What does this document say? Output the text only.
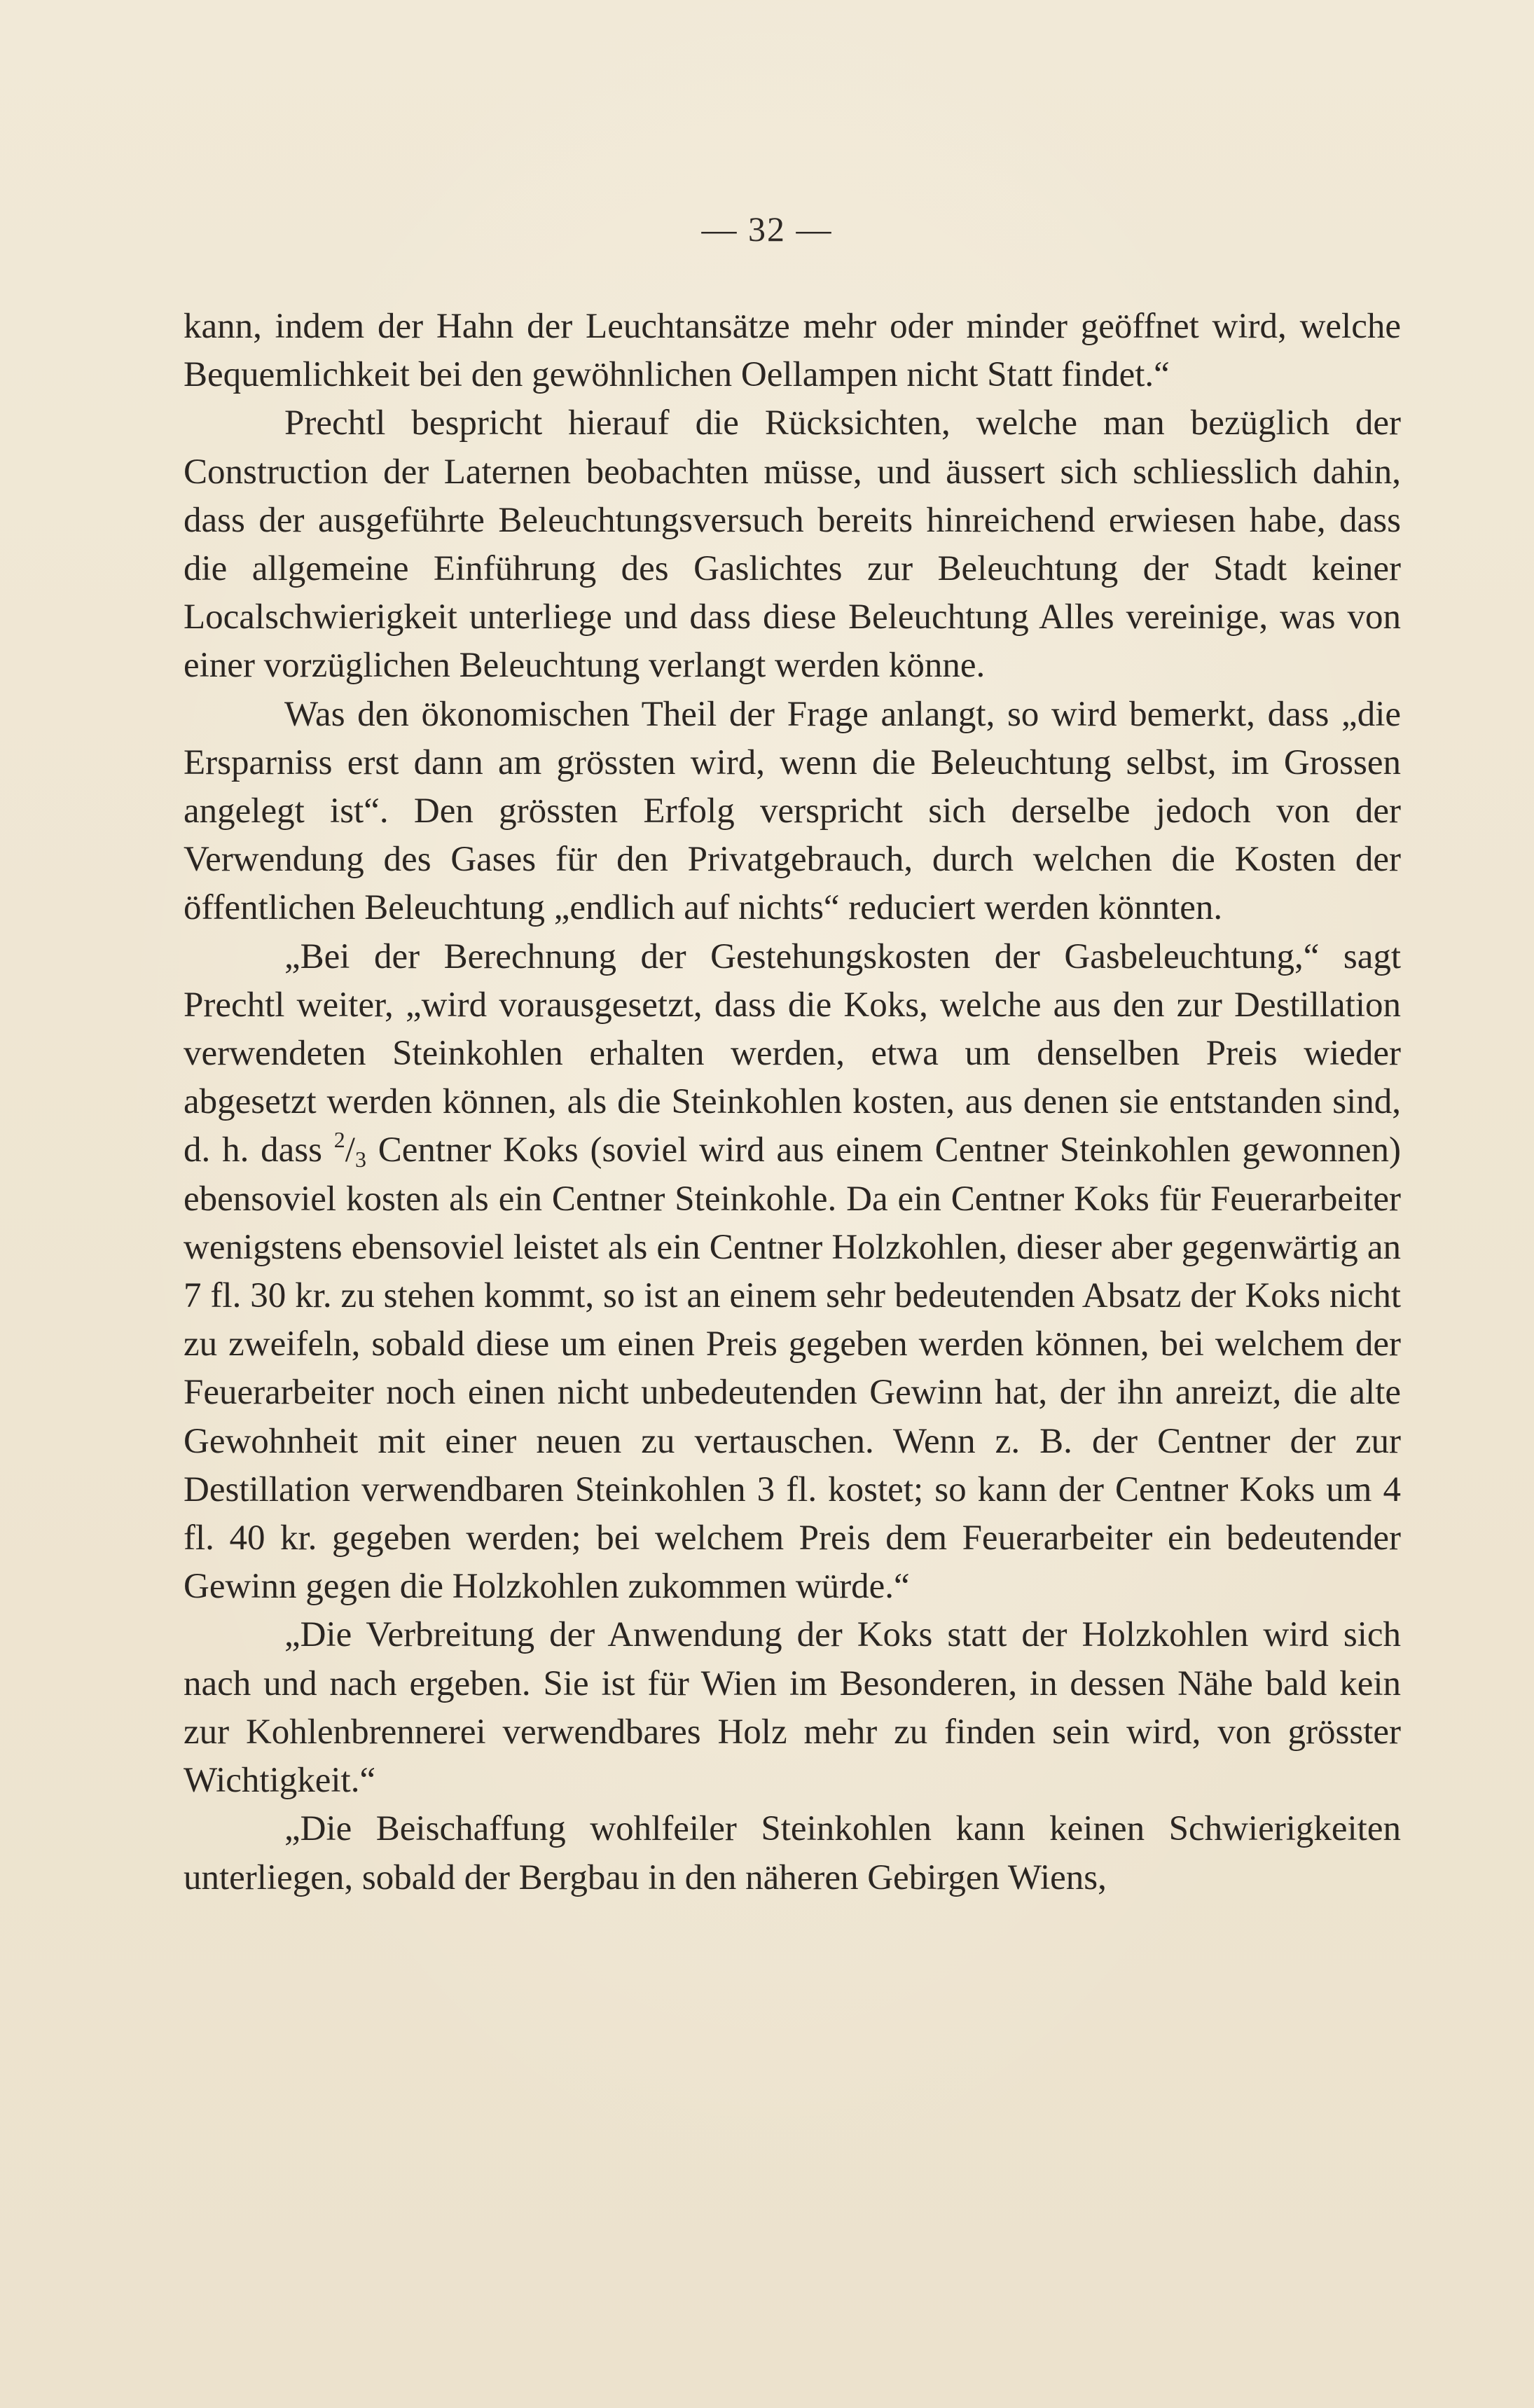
— 32 —

kann, indem der Hahn der Leuchtansätze mehr oder minder geöffnet wird, welche Bequemlichkeit bei den gewöhnlichen Oellampen nicht Statt findet.“

Prechtl bespricht hierauf die Rücksichten, welche man bezüglich der Construction der Laternen beobachten müsse, und äussert sich schliesslich dahin, dass der ausgeführte Beleuchtungsversuch bereits hinreichend erwiesen habe, dass die allgemeine Einführung des Gaslichtes zur Beleuchtung der Stadt keiner Localschwierigkeit unterliege und dass diese Beleuchtung Alles vereinige, was von einer vorzüglichen Beleuchtung verlangt werden könne.

Was den ökonomischen Theil der Frage anlangt, so wird bemerkt, dass „die Ersparniss erst dann am grössten wird, wenn die Beleuchtung selbst, im Grossen angelegt ist“. Den grössten Erfolg verspricht sich derselbe jedoch von der Verwendung des Gases für den Privatgebrauch, durch welchen die Kosten der öffentlichen Beleuchtung „endlich auf nichts“ reduciert werden könnten.

„Bei der Berechnung der Gestehungskosten der Gasbeleuchtung,“ sagt Prechtl weiter, „wird vorausgesetzt, dass die Koks, welche aus den zur Destillation verwendeten Steinkohlen erhalten werden, etwa um denselben Preis wieder abgesetzt werden können, als die Steinkohlen kosten, aus denen sie entstanden sind, d. h. dass $^2/_3$ Centner Koks (soviel wird aus einem Centner Steinkohlen gewonnen) ebensoviel kosten als ein Centner Steinkohle. Da ein Centner Koks für Feuerarbeiter wenigstens ebensoviel leistet als ein Centner Holzkohlen, dieser aber gegenwärtig an 7 fl. 30 kr. zu stehen kommt, so ist an einem sehr bedeutenden Absatz der Koks nicht zu zweifeln, sobald diese um einen Preis gegeben werden können, bei welchem der Feuerarbeiter noch einen nicht unbedeutenden Gewinn hat, der ihn anreizt, die alte Gewohnheit mit einer neuen zu vertauschen. Wenn z. B. der Centner der zur Destillation verwendbaren Steinkohlen 3 fl. kostet; so kann der Centner Koks um 4 fl. 40 kr. gegeben werden; bei welchem Preis dem Feuerarbeiter ein bedeutender Gewinn gegen die Holzkohlen zukommen würde.“

„Die Verbreitung der Anwendung der Koks statt der Holzkohlen wird sich nach und nach ergeben. Sie ist für Wien im Besonderen, in dessen Nähe bald kein zur Kohlenbrennerei verwendbares Holz mehr zu finden sein wird, von grösster Wichtigkeit.“

„Die Beischaffung wohlfeiler Steinkohlen kann keinen Schwierigkeiten unterliegen, sobald der Bergbau in den näheren Gebirgen Wiens,
